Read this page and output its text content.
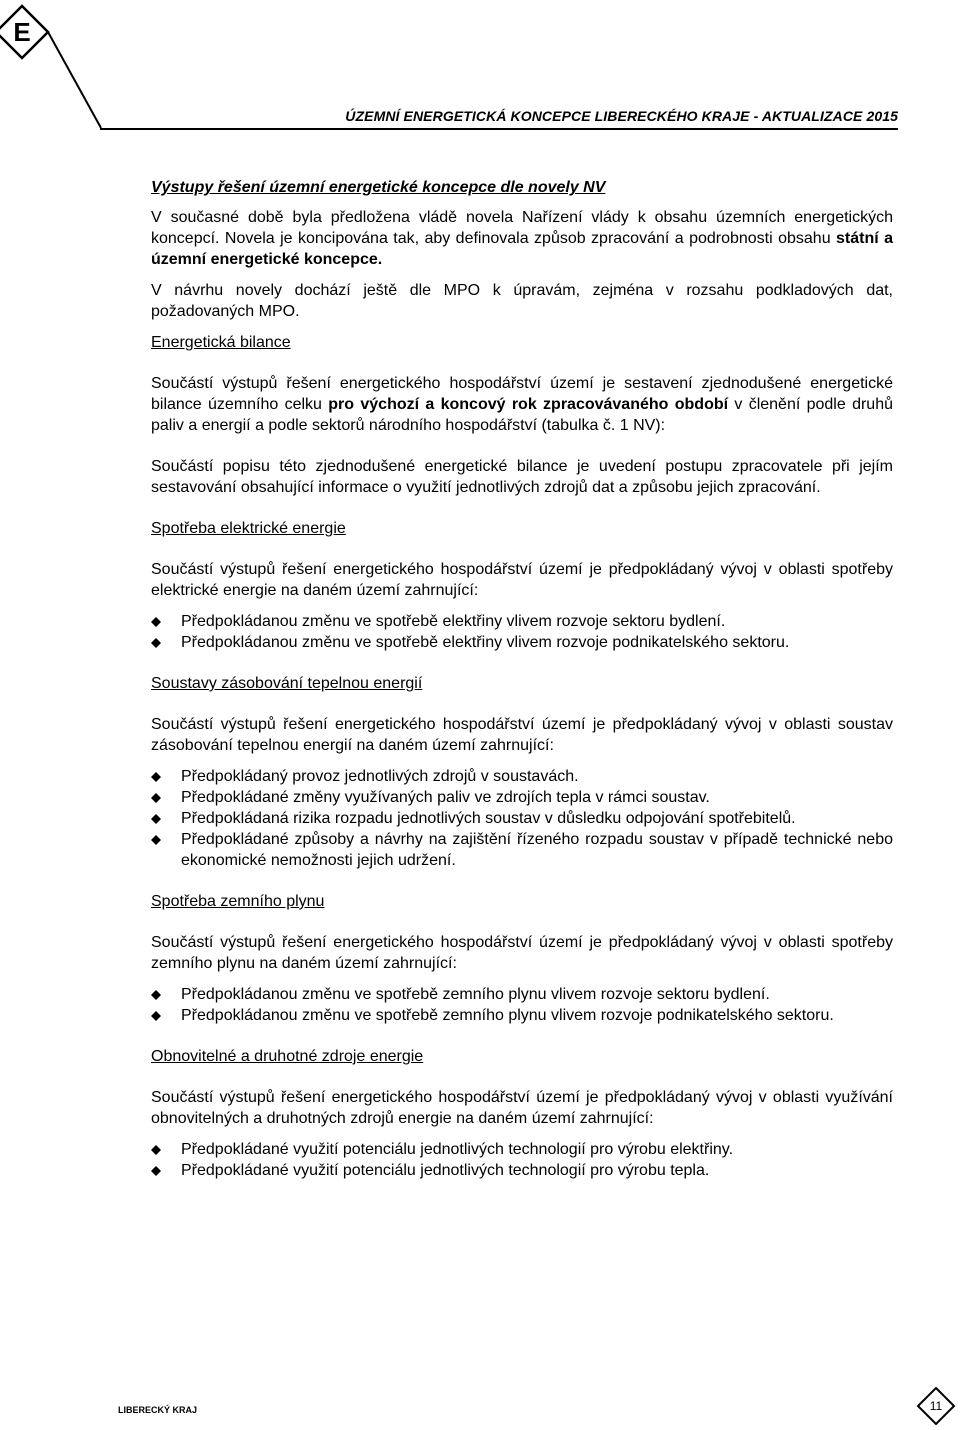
E
ÚZEMNÍ ENERGETICKÁ KONCEPCE LIBERECKÉHO KRAJE - AKTUALIZACE 2015
Výstupy řešení územní energetické koncepce dle novely NV

V současné době byla předložena vládě novela Nařízení vlády k obsahu územních energetických koncepcí. Novela je koncipována tak, aby definovala způsob zpracování a podrobnosti obsahu státní a územní energetické koncepce.

V návrhu novely dochází ještě dle MPO k úpravám, zejména v rozsahu podkladových dat, požadovaných MPO.

Energetická bilance

Součástí výstupů řešení energetického hospodářství území je sestavení zjednodušené energetické bilance územního celku pro výchozí a koncový rok zpracovávaného období v členění podle druhů paliv a energií a podle sektorů národního hospodářství (tabulka č. 1 NV):

Součástí popisu této zjednodušené energetické bilance je uvedení postupu zpracovatele při jejím sestavování obsahující informace o využití jednotlivých zdrojů dat a způsobu jejich zpracování.

Spotřeba elektrické energie

Součástí výstupů řešení energetického hospodářství území je předpokládaný vývoj v oblasti spotřeby elektrické energie na daném území zahrnující:

Předpokládanou změnu ve spotřebě elektřiny vlivem rozvoje sektoru bydlení.
Předpokládanou změnu ve spotřebě elektřiny vlivem rozvoje podnikatelského sektoru.

Soustavy zásobování tepelnou energií

Součástí výstupů řešení energetického hospodářství území je předpokládaný vývoj v oblasti soustav zásobování tepelnou energií na daném území zahrnující:

Předpokládaný provoz jednotlivých zdrojů v soustavách.
Předpokládané změny využívaných paliv ve zdrojích tepla v rámci soustav.
Předpokládaná rizika rozpadu jednotlivých soustav v důsledku odpojování spotřebitelů.
Předpokládané způsoby a návrhy na zajištění řízeného rozpadu soustav v případě technické nebo ekonomické nemožnosti jejich udržení.

Spotřeba zemního plynu

Součástí výstupů řešení energetického hospodářství území je předpokládaný vývoj v oblasti spotřeby zemního plynu na daném území zahrnující:

Předpokládanou změnu ve spotřebě zemního plynu vlivem rozvoje sektoru bydlení.
Předpokládanou změnu ve spotřebě zemního plynu vlivem rozvoje podnikatelského sektoru.

Obnovitelné a druhotné zdroje energie

Součástí výstupů řešení energetického hospodářství území je předpokládaný vývoj v oblasti využívání obnovitelných a druhotných zdrojů energie na daném území zahrnující:

Předpokládané využití potenciálu jednotlivých technologií pro výrobu elektřiny.
Předpokládané využití potenciálu jednotlivých technologií pro výrobu tepla.
LIBERECKÝ KRAJ	11
